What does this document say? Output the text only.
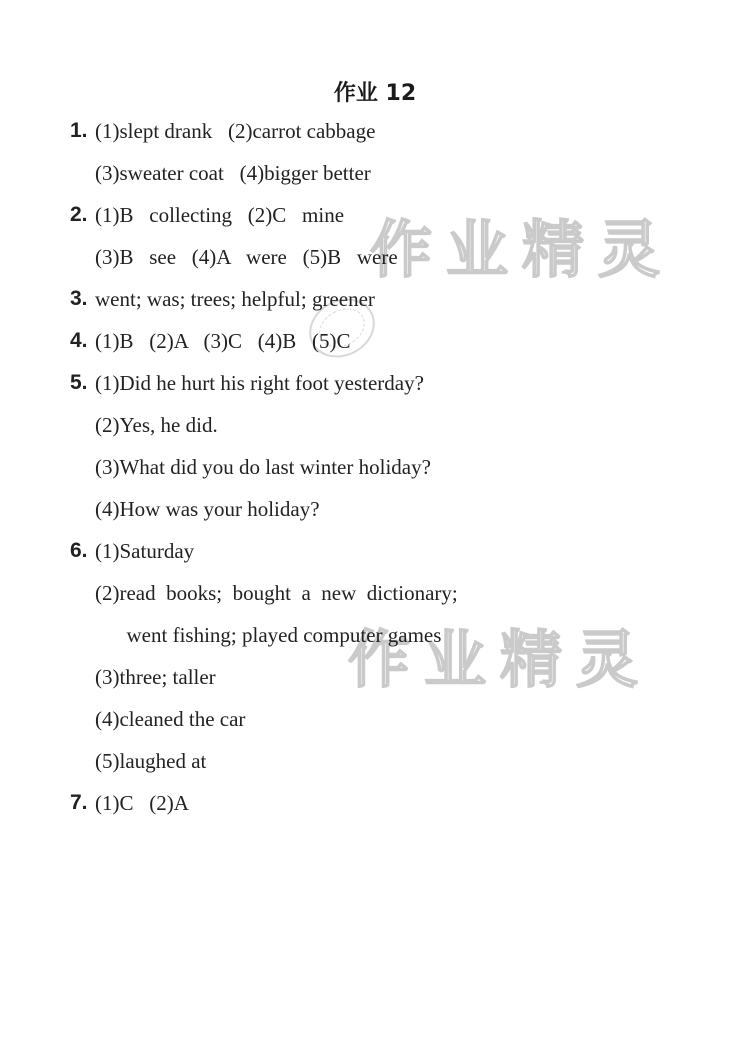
作业精灵
作业精灵
作业 12
1. (1)slept drank   (2)carrot cabbage
(3)sweater coat   (4)bigger better
2. (1)B   collecting   (2)C   mine
(3)B   see   (4)A   were   (5)B   were
3. went; was; trees; helpful; greener
4. (1)B   (2)A   (3)C   (4)B   (5)C
5. (1)Did he hurt his right foot yesterday?
(2)Yes, he did.
(3)What did you do last winter holiday?
(4)How was your holiday?
6. (1)Saturday
(2)read  books;  bought  a  new  dictionary;
went fishing; played computer games
(3)three; taller
(4)cleaned the car
(5)laughed at
7. (1)C   (2)A
